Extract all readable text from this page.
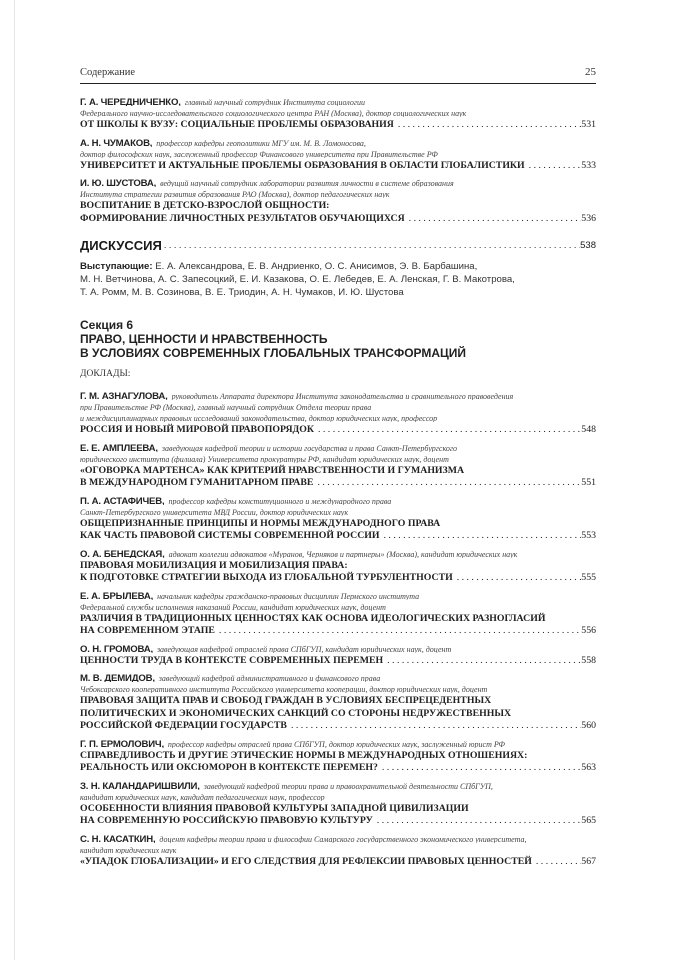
Содержание	25
Г. А. ЧЕРЕДНИЧЕНКО, главный научный сотрудник Института социологии
Федерального научно-исследовательского социологического центра РАН (Москва), доктор социологических наук
ОТ ШКОЛЫ К ВУЗУ: СОЦИАЛЬНЫЕ ПРОБЛЕМЫ ОБРАЗОВАНИЯ . . .	531
А. Н. ЧУМАКОВ, профессор кафедры геополитики МГУ им. М. В. Ломоносова,
доктор философских наук, заслуженный профессор Финансового университета при Правительстве РФ
УНИВЕРСИТЕТ И АКТУАЛЬНЫЕ ПРОБЛЕМЫ ОБРАЗОВАНИЯ В ОБЛАСТИ ГЛОБАЛИСТИКИ . . .	533
И. Ю. ШУСТОВА, ведущий научный сотрудник лаборатории развития личности в системе образования
Института стратегии развития образования РАО (Москва), доктор педагогических наук
ВОСПИТАНИЕ В ДЕТСКО-ВЗРОСЛОЙ ОБЩНОСТИ:
ФОРМИРОВАНИЕ ЛИЧНОСТНЫХ РЕЗУЛЬТАТОВ ОБУЧАЮЩИХСЯ . . .	536
ДИСКУССИЯ . . .	538
Выступающие: Е. А. Александрова, Е. В. Андриенко, О. С. Анисимов, Э. В. Барбашина,
М. Н. Ветчинова, А. С. Запесоцкий, Е. И. Казакова, О. Е. Лебедев, Е. А. Ленская, Г. В. Макотрова,
Т. А. Ромм, М. В. Созинова, В. Е. Триодин, А. Н. Чумаков, И. Ю. Шустова
Секция 6
ПРАВО, ЦЕННОСТИ И НРАВСТВЕННОСТЬ
В УСЛОВИЯХ СОВРЕМЕННЫХ ГЛОБАЛЬНЫХ ТРАНСФОРМАЦИЙ
ДОКЛАДЫ:
Г. М. АЗНАГУЛОВА, руководитель Аппарата директора Института законодательства и сравнительного правоведения
при Правительстве РФ (Москва), главный научный сотрудник Отдела теории права
и междисциплинарных правовых исследований законодательства, доктор юридических наук, профессор
РОССИЯ И НОВЫЙ МИРОВОЙ ПРАВОПОРЯДОК . . .	548
Е. Е. АМПЛЕЕВА, заведующая кафедрой теории и истории государства и права Санкт-Петербургского
юридического института (филиала) Университета прокуратуры РФ, кандидат юридических наук, доцент
«ОГОВОРКА МАРТЕНСА» КАК КРИТЕРИЙ НРАВСТВЕННОСТИ И ГУМАНИЗМА
В МЕЖДУНАРОДНОМ ГУМАНИТАРНОМ ПРАВЕ . . .	551
П. А. АСТАФИЧЕВ, профессор кафедры конституционного и международного права
Санкт-Петербургского университета МВД России, доктор юридических наук
ОБЩЕПРИЗНАННЫЕ ПРИНЦИПЫ И НОРМЫ МЕЖДУНАРОДНОГО ПРАВА
КАК ЧАСТЬ ПРАВОВОЙ СИСТЕМЫ СОВРЕМЕННОЙ РОССИИ . . .	553
О. А. БЕНЕДСКАЯ, адвокат коллегии адвокатов «Муранов, Черняков и партнеры» (Москва), кандидат юридических наук
ПРАВОВАЯ МОБИЛИЗАЦИЯ И МОБИЛИЗАЦИЯ ПРАВА:
К ПОДГОТОВКЕ СТРАТЕГИИ ВЫХОДА ИЗ ГЛОБАЛЬНОЙ ТУРБУЛЕНТНОСТИ . . .	555
Е. А. БРЫЛЕВА, начальник кафедры гражданско-правовых дисциплин Пермского института
Федеральной службы исполнения наказаний России, кандидат юридических наук, доцент
РАЗЛИЧИЯ В ТРАДИЦИОННЫХ ЦЕННОСТЯХ КАК ОСНОВА ИДЕОЛОГИЧЕСКИХ РАЗНОГЛАСИЙ
НА СОВРЕМЕННОМ ЭТАПЕ . . .	556
О. Н. ГРОМОВА, заведующая кафедрой отраслей права СПбГУП, кандидат юридических наук, доцент
ЦЕННОСТИ ТРУДА В КОНТЕКСТЕ СОВРЕМЕННЫХ ПЕРЕМЕН . . .	558
М. В. ДЕМИДОВ, заведующий кафедрой административного и финансового права
Чебоксарского кооперативного института Российского университета кооперации, доктор юридических наук, доцент
ПРАВОВАЯ ЗАЩИТА ПРАВ И СВОБОД ГРАЖДАН В УСЛОВИЯХ БЕСПРЕЦЕДЕНТНЫХ
ПОЛИТИЧЕСКИХ И ЭКОНОМИЧЕСКИХ САНКЦИЙ СО СТОРОНЫ НЕДРУЖЕСТВЕННЫХ
РОССИЙСКОЙ ФЕДЕРАЦИИ ГОСУДАРСТВ . . .	560
Г. П. ЕРМОЛОВИЧ, профессор кафедры отраслей права СПбГУП, доктор юридических наук, заслуженный юрист РФ
СПРАВЕДЛИВОСТЬ И ДРУГИЕ ЭТИЧЕСКИЕ НОРМЫ В МЕЖДУНАРОДНЫХ ОТНОШЕНИЯХ:
РЕАЛЬНОСТЬ ИЛИ ОКСЮМОРОН В КОНТЕКСТЕ ПЕРЕМЕН? . . .	563
З. Н. КАЛАНДАРИШВИЛИ, заведующий кафедрой теории права и правоохранительной деятельности СПбГУП,
кандидат юридических наук, кандидат педагогических наук, профессор
ОСОБЕННОСТИ ВЛИЯНИЯ ПРАВОВОЙ КУЛЬТУРЫ ЗАПАДНОЙ ЦИВИЛИЗАЦИИ
НА СОВРЕМЕННУЮ РОССИЙСКУЮ ПРАВОВУЮ КУЛЬТУРУ . . .	565
С. Н. КАСАТКИН, доцент кафедры теории права и философии Самарского государственного экономического университета,
кандидат юридических наук
«УПАДОК ГЛОБАЛИЗАЦИИ» И ЕГО СЛЕДСТВИЯ ДЛЯ РЕФЛЕКСИИ ПРАВОВЫХ ЦЕННОСТЕЙ . . .	567
